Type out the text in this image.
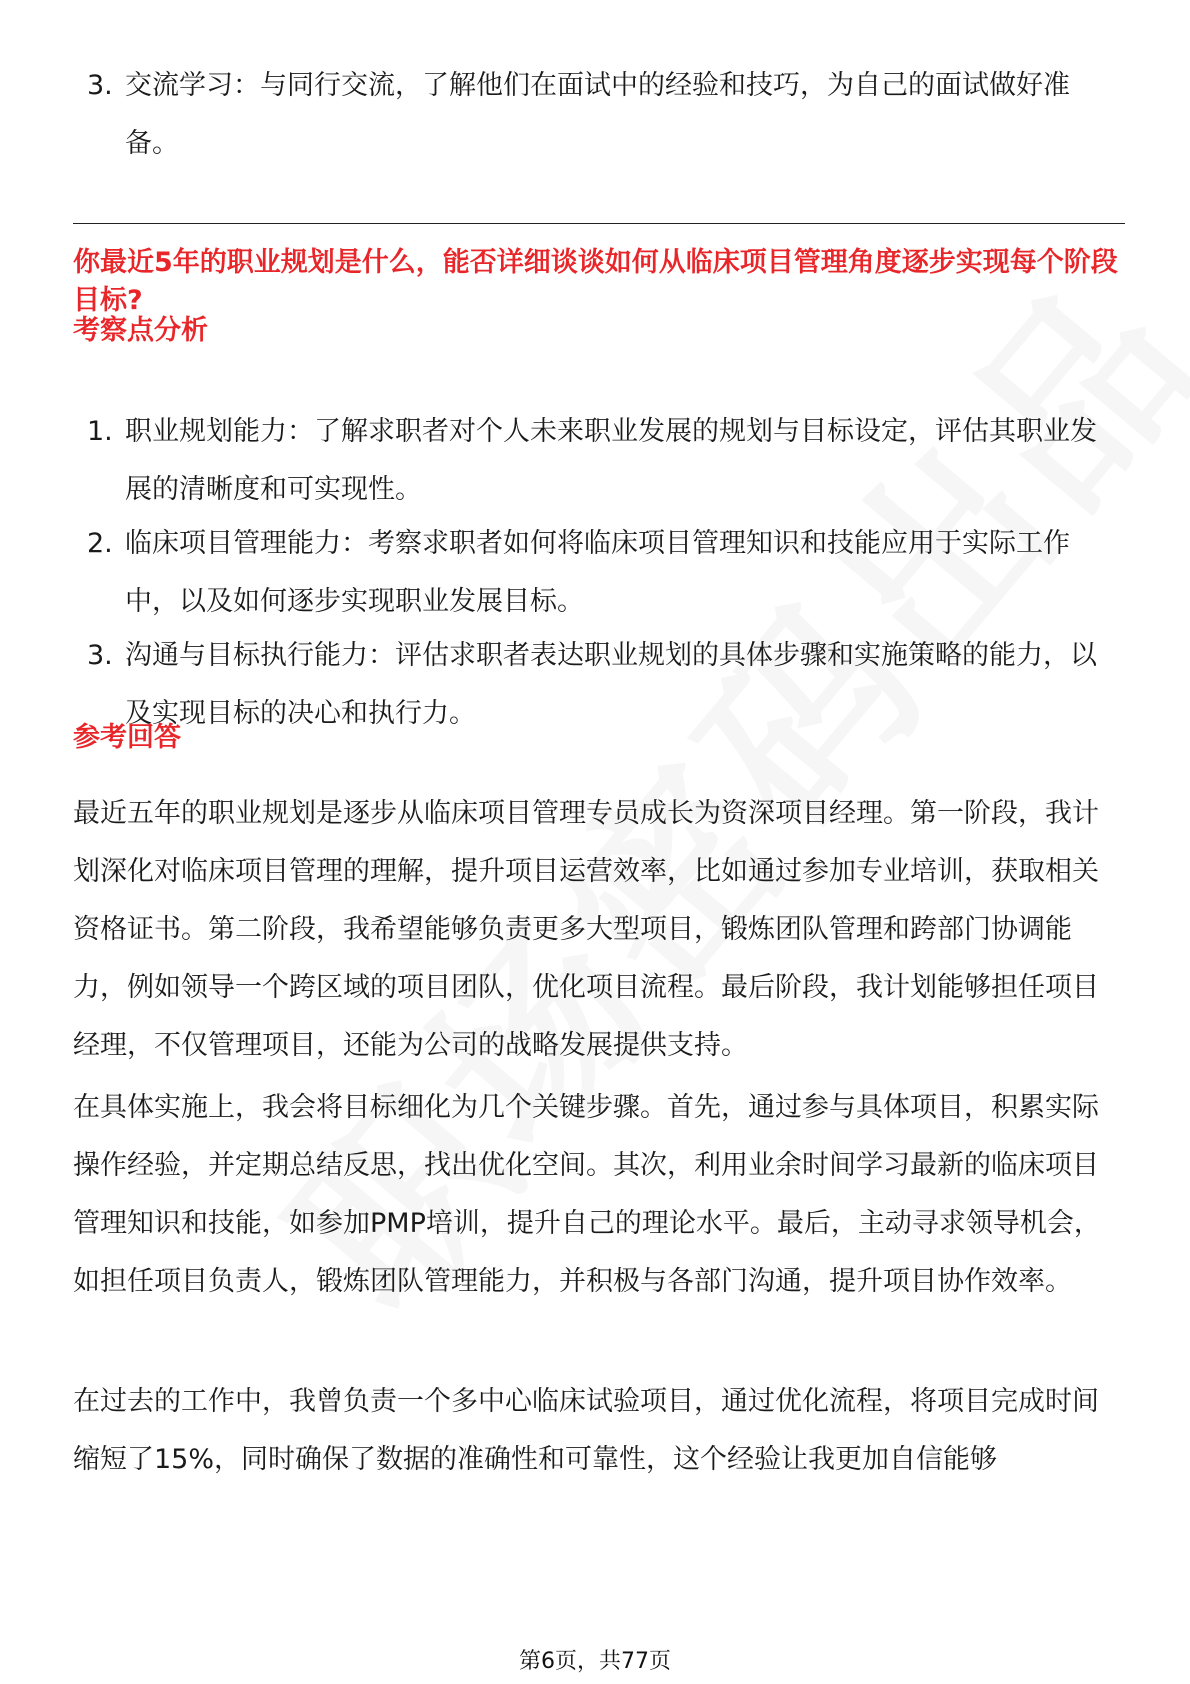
3. 交流学习：与同行交流，了解他们在面试中的经验和技巧，为自己的面试做好准备。
你最近5年的职业规划是什么，能否详细谈谈如何从临床项目管理角度逐步实现每个阶段目标?
考察点分析
1. 职业规划能力：了解求职者对个人未来职业发展的规划与目标设定，评估其职业发展的清晰度和可实现性。
2. 临床项目管理能力：考察求职者如何将临床项目管理知识和技能应用于实际工作中，以及如何逐步实现职业发展目标。
3. 沟通与目标执行能力：评估求职者表达职业规划的具体步骤和实施策略的能力，以及实现目标的决心和执行力。
参考回答

最近五年的职业规划是逐步从临床项目管理专员成长为资深项目经理。第一阶段，我计划深化对临床项目管理的理解，提升项目运营效率，比如通过参加专业培训，获取相关资格证书。第二阶段，我希望能够负责更多大型项目，锻炼团队管理和跨部门协调能力，例如领导一个跨区域的项目团队，优化项目流程。最后阶段，我计划能够担任项目经理，不仅管理项目，还能为公司的战略发展提供支持。

在具体实施上，我会将目标细化为几个关键步骤。首先，通过参与具体项目，积累实际操作经验，并定期总结反思，找出优化空间。其次，利用业余时间学习最新的临床项目管理知识和技能，如参加PMP培训，提升自己的理论水平。最后，主动寻求领导机会，如担任项目负责人，锻炼团队管理能力，并积极与各部门沟通，提升项目协作效率。

在过去的工作中，我曾负责一个多中心临床试验项目，通过优化流程，将项目完成时间缩短了15%，同时确保了数据的准确性和可靠性，这个经验让我更加自信能够

第6页，共77页
